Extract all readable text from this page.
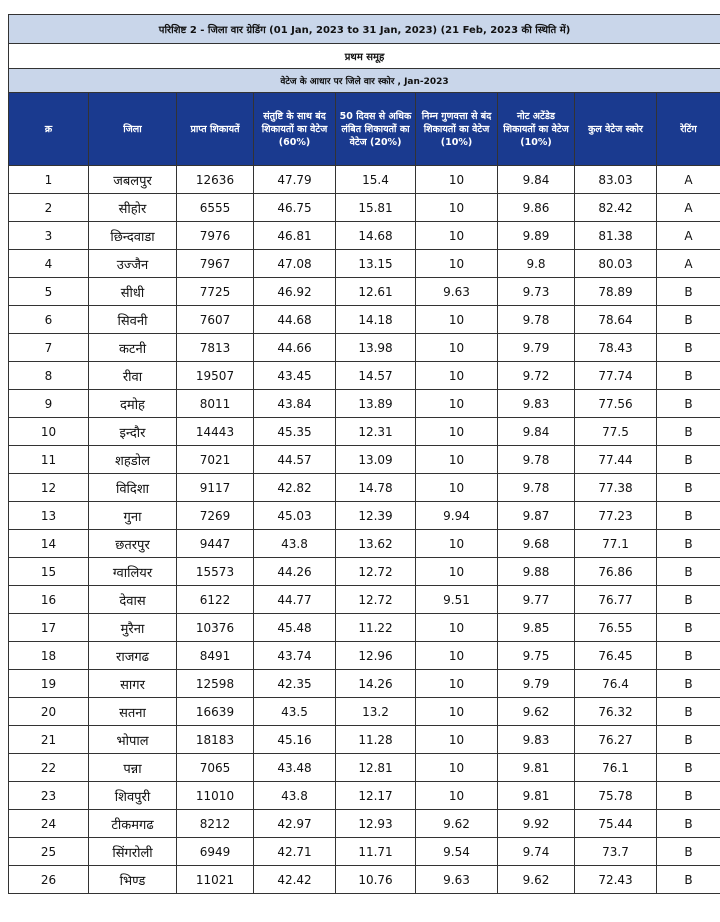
परिशिष्ट 2 - जिला वार ग्रेडिंग (01 Jan, 2023 to 31 Jan, 2023) (21 Feb, 2023 की स्थिति में)								
प्रथम समूह								
वेटेज के आधार पर जिले वार स्कोर , Jan-2023								
क्र	जिला	प्राप्त शिकायतें	संतुष्टि के साथ बंद शिकायतों का वेटेज (60%)	50 दिवस से अधिक लंबित शिकायतों का वेटेज (20%)	निम्न गुणवत्ता से बंद शिकायतों का वेटेज (10%)	नोट अटेंडेड शिकायतों का वेटेज (10%)	कुल वेटेज स्कोर	रेटिंग
1	जबलपुर	12636	47.79	15.4	10	9.84	83.03	A
2	सीहोर	6555	46.75	15.81	10	9.86	82.42	A
3	छिन्दवाडा	7976	46.81	14.68	10	9.89	81.38	A
4	उज्जैन	7967	47.08	13.15	10	9.8	80.03	A
5	सीधी	7725	46.92	12.61	9.63	9.73	78.89	B
6	सिवनी	7607	44.68	14.18	10	9.78	78.64	B
7	कटनी	7813	44.66	13.98	10	9.79	78.43	B
8	रीवा	19507	43.45	14.57	10	9.72	77.74	B
9	दमोह	8011	43.84	13.89	10	9.83	77.56	B
10	इन्दौर	14443	45.35	12.31	10	9.84	77.5	B
11	शहडोल	7021	44.57	13.09	10	9.78	77.44	B
12	विदिशा	9117	42.82	14.78	10	9.78	77.38	B
13	गुना	7269	45.03	12.39	9.94	9.87	77.23	B
14	छतरपुर	9447	43.8	13.62	10	9.68	77.1	B
15	ग्वालियर	15573	44.26	12.72	10	9.88	76.86	B
16	देवास	6122	44.77	12.72	9.51	9.77	76.77	B
17	मुरैना	10376	45.48	11.22	10	9.85	76.55	B
18	राजगढ	8491	43.74	12.96	10	9.75	76.45	B
19	सागर	12598	42.35	14.26	10	9.79	76.4	B
20	सतना	16639	43.5	13.2	10	9.62	76.32	B
21	भोपाल	18183	45.16	11.28	10	9.83	76.27	B
22	पन्ना	7065	43.48	12.81	10	9.81	76.1	B
23	शिवपुरी	11010	43.8	12.17	10	9.81	75.78	B
24	टीकमगढ	8212	42.97	12.93	9.62	9.92	75.44	B
25	सिंगरोली	6949	42.71	11.71	9.54	9.74	73.7	B
26	भिण्ड	11021	42.42	10.76	9.63	9.62	72.43	B
